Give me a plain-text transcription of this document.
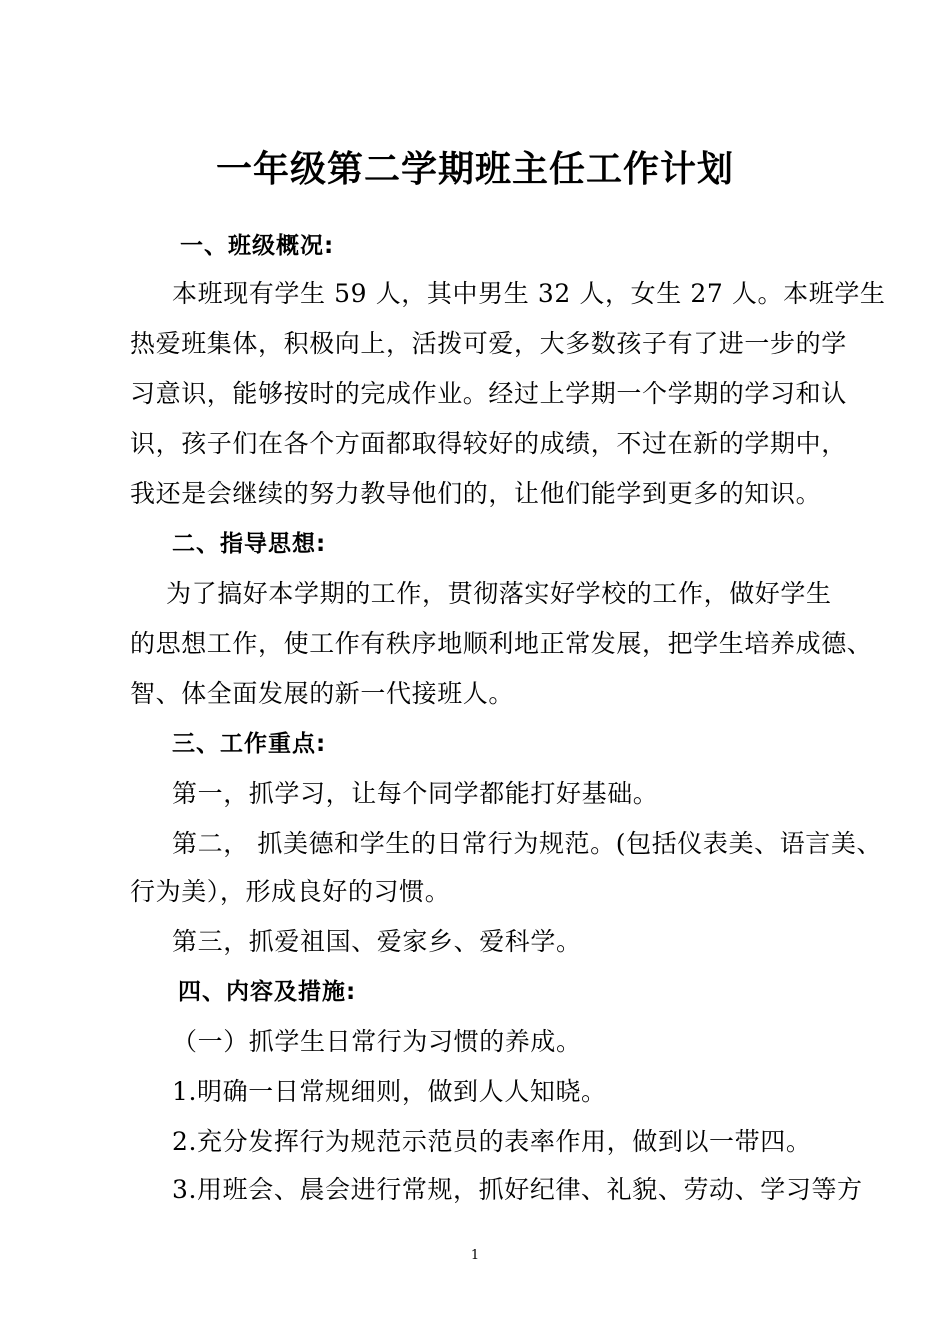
一年级第二学期班主任工作计划
一、班级概况:
本班现有学生 59 人，其中男生 32 人，女生 27 人。本班学生
热爱班集体，积极向上，活拨可爱，大多数孩子有了进一步的学
习意识，能够按时的完成作业。经过上学期一个学期的学习和认
识，孩子们在各个方面都取得较好的成绩，不过在新的学期中，
我还是会继续的努力教导他们的，让他们能学到更多的知识。
二、指导思想:
为了搞好本学期的工作，贯彻落实好学校的工作，做好学生
的思想工作，使工作有秩序地顺利地正常发展，把学生培养成德、
智、体全面发展的新一代接班人。
三、工作重点:
第一，抓学习，让每个同学都能打好基础。
第二， 抓美德和学生的日常行为规范。(包括仪表美、语言美、
行为美），形成良好的习惯。
第三，抓爱祖国、爱家乡、爱科学。
四、内容及措施:
（一）抓学生日常行为习惯的养成。
1.明确一日常规细则，做到人人知晓。
2.充分发挥行为规范示范员的表率作用，做到以一带四。
3.用班会、晨会进行常规，抓好纪律、礼貌、劳动、学习等方
1
